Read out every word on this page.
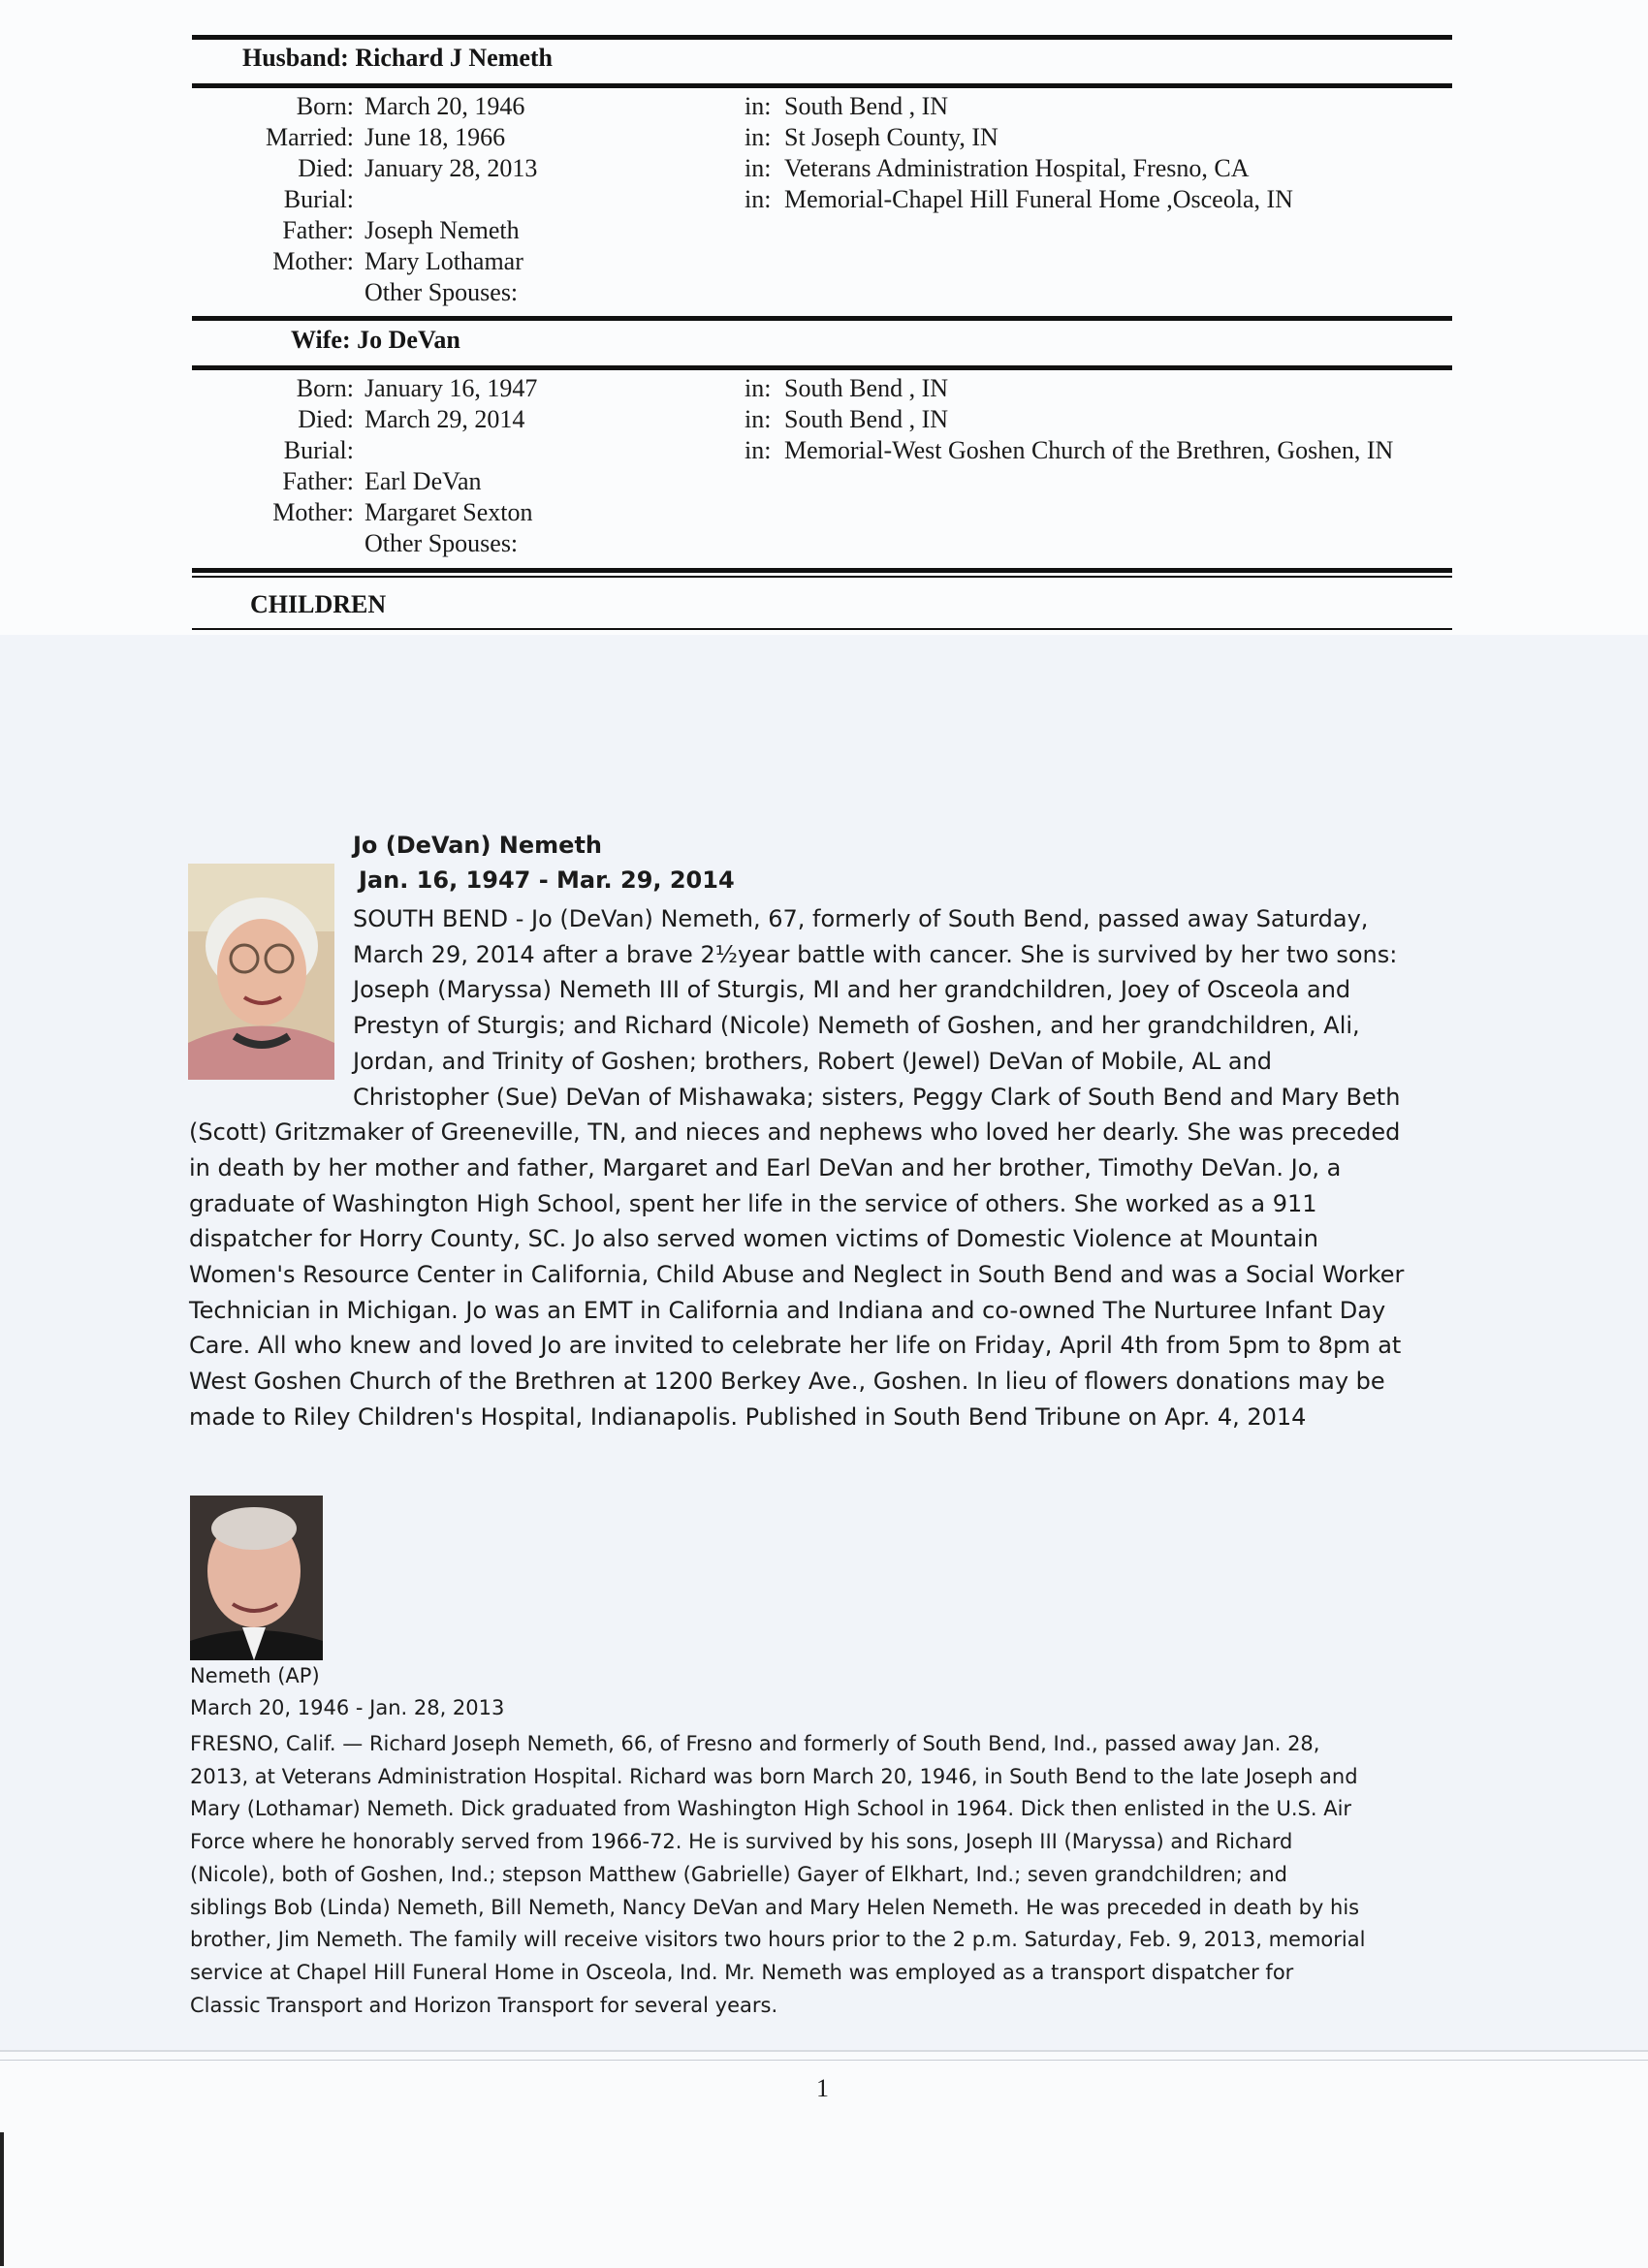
Husband: Richard J Nemeth
Born: March 20, 1946	in: South Bend , IN
Married: June 18, 1966	in: St Joseph County, IN
Died: January 28, 2013	in: Veterans Administration Hospital, Fresno, CA
Burial:	in: Memorial-Chapel Hill Funeral Home ,Osceola, IN
Father: Joseph Nemeth
Mother: Mary Lothamar
Other Spouses:
Wife: Jo DeVan
Born: January 16, 1947	in: South Bend , IN
Died: March 29, 2014	in: South Bend , IN
Burial:	in: Memorial-West Goshen Church of the Brethren, Goshen, IN
Father: Earl DeVan
Mother: Margaret Sexton
Other Spouses:
CHILDREN
Jo (DeVan) Nemeth
Jan. 16, 1947 - Mar. 29, 2014
SOUTH BEND - Jo (DeVan) Nemeth, 67, formerly of South Bend, passed away Saturday,
March 29, 2014 after a brave 2½year battle with cancer. She is survived by her two sons:
Joseph (Maryssa) Nemeth III of Sturgis, MI and her grandchildren, Joey of Osceola and
Prestyn of Sturgis; and Richard (Nicole) Nemeth of Goshen, and her grandchildren, Ali,
Jordan, and Trinity of Goshen; brothers, Robert (Jewel) DeVan of Mobile, AL and
Christopher (Sue) DeVan of Mishawaka; sisters, Peggy Clark of South Bend and Mary Beth
(Scott) Gritzmaker of Greeneville, TN, and nieces and nephews who loved her dearly. She was preceded
in death by her mother and father, Margaret and Earl DeVan and her brother, Timothy DeVan. Jo, a
graduate of Washington High School, spent her life in the service of others. She worked as a 911
dispatcher for Horry County, SC. Jo also served women victims of Domestic Violence at Mountain
Women's Resource Center in California, Child Abuse and Neglect in South Bend and was a Social Worker
Technician in Michigan. Jo was an EMT in California and Indiana and co-owned The Nurturee Infant Day
Care. All who knew and loved Jo are invited to celebrate her life on Friday, April 4th from 5pm to 8pm at
West Goshen Church of the Brethren at 1200 Berkey Ave., Goshen. In lieu of flowers donations may be
made to Riley Children's Hospital, Indianapolis. Published in South Bend Tribune on Apr. 4, 2014
Nemeth (AP)
March 20, 1946 - Jan. 28, 2013
FRESNO, Calif. — Richard Joseph Nemeth, 66, of Fresno and formerly of South Bend, Ind., passed away Jan. 28,
2013, at Veterans Administration Hospital. Richard was born March 20, 1946, in South Bend to the late Joseph and
Mary (Lothamar) Nemeth. Dick graduated from Washington High School in 1964. Dick then enlisted in the U.S. Air
Force where he honorably served from 1966-72. He is survived by his sons, Joseph III (Maryssa) and Richard
(Nicole), both of Goshen, Ind.; stepson Matthew (Gabrielle) Gayer of Elkhart, Ind.; seven grandchildren; and
siblings Bob (Linda) Nemeth, Bill Nemeth, Nancy DeVan and Mary Helen Nemeth. He was preceded in death by his
brother, Jim Nemeth. The family will receive visitors two hours prior to the 2 p.m. Saturday, Feb. 9, 2013, memorial
service at Chapel Hill Funeral Home in Osceola, Ind. Mr. Nemeth was employed as a transport dispatcher for
Classic Transport and Horizon Transport for several years.
1
